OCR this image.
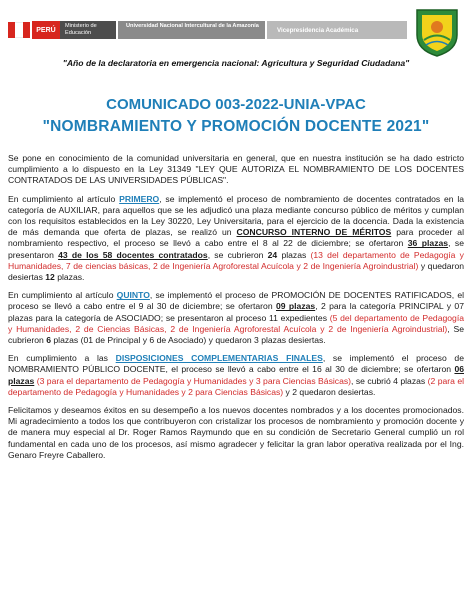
PERÚ
Ministerio de Educación
Universidad Nacional Intercultural de la Amazonía
Vicepresidencia Académica
"Año de la declaratoria en emergencia nacional: Agricultura y Seguridad Ciudadana"
COMUNICADO 003-2022-UNIA-VPAC
"NOMBRAMIENTO Y PROMOCIÓN DOCENTE 2021"

Se pone en conocimiento de la comunidad universitaria en general, que en nuestra institución se ha dado estricto cumplimiento a lo dispuesto en la Ley 31349 "LEY QUE AUTORIZA EL NOMBRAMIENTO DE LOS DOCENTES CONTRATADOS DE LAS UNIVERSIDADES PÚBLICAS".

En cumplimiento al artículo PRIMERO, se implementó el proceso de nombramiento de docentes contratados en la categoría de AUXILIAR, para aquellos que se les adjudicó una plaza mediante concurso público de méritos y cumplan con los requisitos establecidos en la Ley 30220, Ley Universitaria, para el ejercicio de la docencia. Dada la existencia de más demanda que oferta de plazas, se realizó un CONCURSO INTERNO DE MÉRITOS para proceder al nombramiento respectivo, el proceso se llevó a cabo entre el 8 al 22 de diciembre; se ofertaron 36 plazas, se presentaron 43 de los 58 docentes contratados, se cubrieron 24 plazas (13 del departamento de Pedagogía y Humanidades, 7 de ciencias básicas, 2 de Ingeniería Agroforestal Acuícola y 2 de Ingeniería Agroindustrial) y quedaron desiertas 12 plazas.

En cumplimiento al artículo QUINTO, se implementó el proceso de PROMOCIÓN DE DOCENTES RATIFICADOS, el proceso se llevó a cabo entre el 9 al 30 de diciembre; se ofertaron 09 plazas, 2 para la categoría PRINCIPAL y 07 plazas para la categoría de ASOCIADO; se presentaron al proceso 11 expedientes (5 del departamento de Pedagogía y Humanidades, 2 de Ciencias Básicas, 2 de Ingeniería Agroforestal Acuícola y 2 de Ingeniería Agroindustrial), Se cubrieron 6 plazas (01 de Principal y 6 de Asociado) y quedaron 3 plazas desiertas.

En cumplimiento a las DISPOSICIONES COMPLEMENTARIAS FINALES, se implementó el proceso de NOMBRAMIENTO PÚBLICO DOCENTE, el proceso se llevó a cabo entre el 16 al 30 de diciembre; se ofertaron 06 plazas (3 para el departamento de Pedagogía y Humanidades y 3 para Ciencias Básicas), se cubrió 4 plazas (2 para el departamento de Pedagogía y Humanidades y 2 para Ciencias Básicas) y 2 quedaron desiertas.

Felicitamos y deseamos éxitos en su desempeño a los nuevos docentes nombrados y a los docentes promocionados. Mi agradecimiento a todos los que contribuyeron con cristalizar los procesos de nombramiento y promoción docente y de manera muy especial al Dr. Roger Ramos Raymundo que en su condición de Secretario General cumplió un rol fundamental en cada uno de los procesos, así mismo agradecer y felicitar la gran labor operativa realizada por el Ing. Genaro Freyre Caballero.
